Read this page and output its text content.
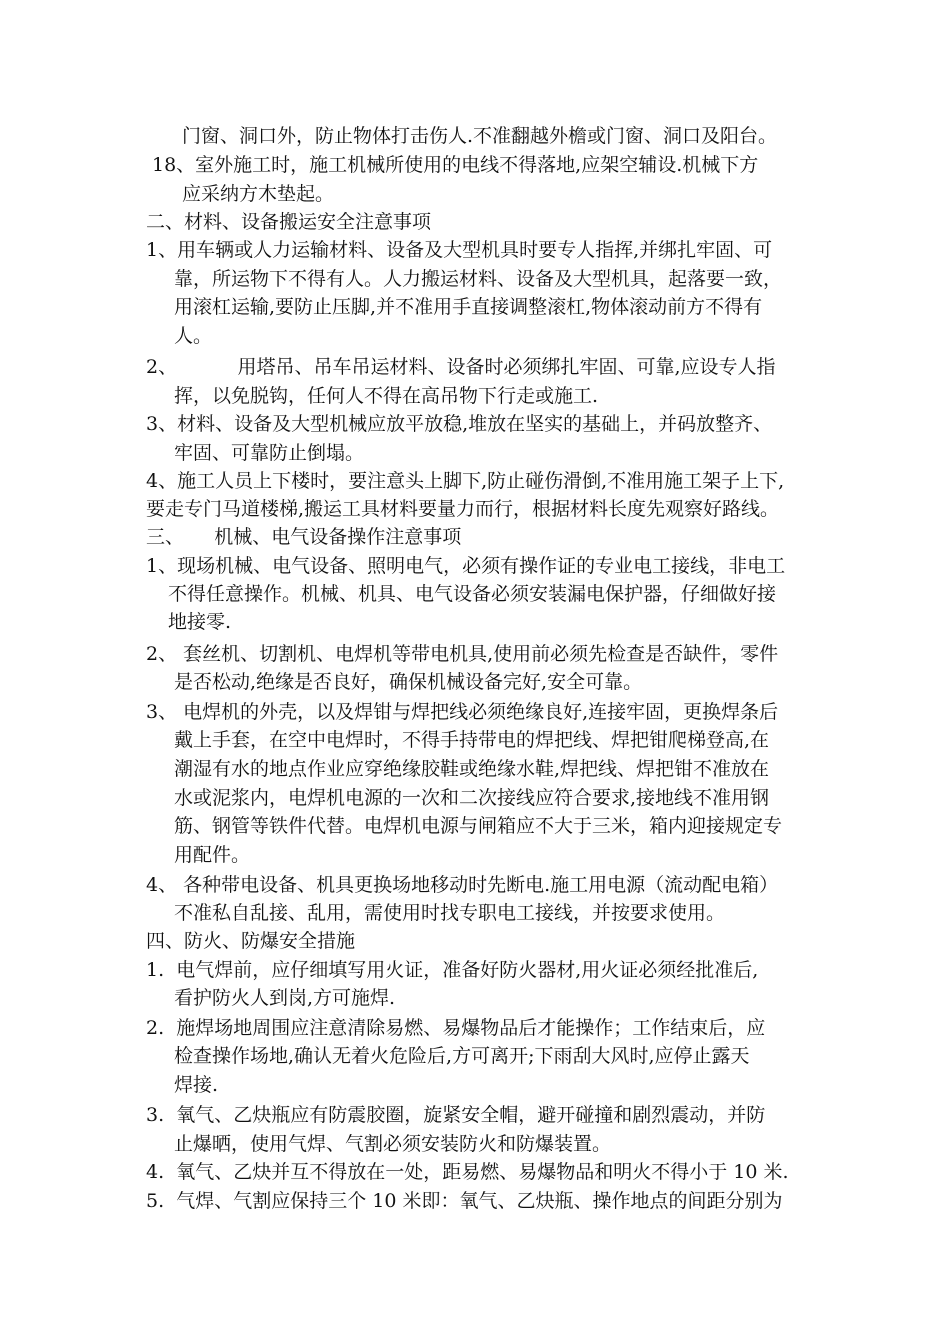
门窗、洞口外，防止物体打击伤人.不准翻越外檐或门窗、洞口及阳台。

18、室外施工时，施工机械所使用的电线不得落地,应架空辅设.机械下方

应采纳方木垫起。

二、材料、设备搬运安全注意事项

1、用车辆或人力运输材料、设备及大型机具时要专人指挥,并绑扎牢固、可

靠，所运物下不得有人。人力搬运材料、设备及大型机具，起落要一致，

用滚杠运输,要防止压脚,并不准用手直接调整滚杠,物体滚动前方不得有

人。

2、          用塔吊、吊车吊运材料、设备时必须绑扎牢固、可靠,应设专人指

挥，以免脱钩，任何人不得在高吊物下行走或施工.

3、材料、设备及大型机械应放平放稳,堆放在坚实的基础上，并码放整齐、

牢固、可靠防止倒塌。

4、施工人员上下楼时，要注意头上脚下,防止碰伤滑倒,不准用施工架子上下,

要走专门马道楼梯,搬运工具材料要量力而行，根据材料长度先观察好路线。

三、     机械、电气设备操作注意事项

1、现场机械、电气设备、照明电气，必须有操作证的专业电工接线，非电工

不得任意操作。机械、机具、电气设备必须安装漏电保护器，仔细做好接

地接零.

2、 套丝机、切割机、电焊机等带电机具,使用前必须先检查是否缺件，零件

是否松动,绝缘是否良好，确保机械设备完好,安全可靠。

3、 电焊机的外壳，以及焊钳与焊把线必须绝缘良好,连接牢固，更换焊条后

戴上手套，在空中电焊时，不得手持带电的焊把线、焊把钳爬梯登高,在

潮湿有水的地点作业应穿绝缘胶鞋或绝缘水鞋,焊把线、焊把钳不准放在

水或泥浆内，电焊机电源的一次和二次接线应符合要求,接地线不准用钢

筋、钢管等铁件代替。电焊机电源与闸箱应不大于三米，箱内迎接规定专

用配件。

4、 各种带电设备、机具更换场地移动时先断电.施工用电源（流动配电箱）

不准私自乱接、乱用，需使用时找专职电工接线，并按要求使用。

四、防火、防爆安全措施

1.  电气焊前，应仔细填写用火证，准备好防火器材,用火证必须经批准后,

看护防火人到岗,方可施焊.

2.  施焊场地周围应注意清除易燃、易爆物品后才能操作；工作结束后，应

检查操作场地,确认无着火危险后,方可离开;下雨刮大风时,应停止露天

焊接.

3.  氧气、乙炔瓶应有防震胶圈，旋紧安全帽，避开碰撞和剧烈震动，并防

止爆晒，使用气焊、气割必须安装防火和防爆装置。

4.  氧气、乙炔并互不得放在一处，距易燃、易爆物品和明火不得小于 10 米.

5.  气焊、气割应保持三个 10 米即：氧气、乙炔瓶、操作地点的间距分别为
